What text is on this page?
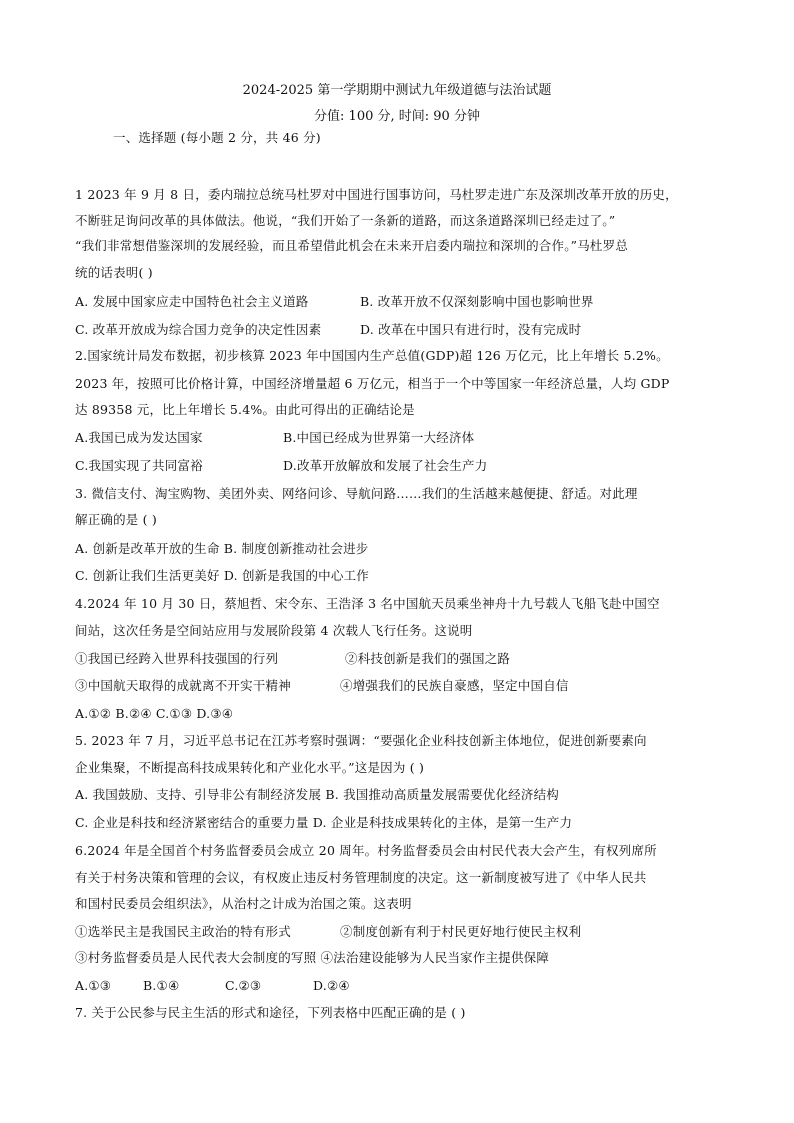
2024-2025 第一学期期中测试九年级道德与法治试题
分值: 100 分, 时间: 90 分钟
一、选择题 (每小题 2 分，共 46 分)
1 2023 年 9 月 8 日，委内瑞拉总统马杜罗对中国进行国事访问，马杜罗走进广东及深圳改革开放的历史，
不断驻足询问改革的具体做法。他说，“我们开始了一条新的道路，而这条道路深圳已经走过了。”
“我们非常想借鉴深圳的发展经验，而且希望借此机会在未来开启委内瑞拉和深圳的合作。”马杜罗总
统的话表明( )
A. 发展中国家应走中国特色社会主义道路	B. 改革开放不仅深刻影响中国也影响世界
C. 改革开放成为综合国力竞争的决定性因素	D. 改革在中国只有进行时，没有完成时
2.国家统计局发布数据，初步核算 2023 年中国国内生产总值(GDP)超 126 万亿元，比上年增长 5.2%。
2023 年，按照可比价格计算，中国经济增量超 6 万亿元，相当于一个中等国家一年经济总量，人均 GDP
达 89358 元，比上年增长 5.4%。由此可得出的正确结论是
A.我国已成为发达国家	B.中国已经成为世界第一大经济体
C.我国实现了共同富裕	D.改革开放解放和发展了社会生产力
3. 微信支付、淘宝购物、美团外卖、网络问诊、导航问路……我们的生活越来越便捷、舒适。对此理
解正确的是 ( )
A. 创新是改革开放的生命 B. 制度创新推动社会进步
C. 创新让我们生活更美好 D. 创新是我国的中心工作
4.2024 年 10 月 30 日，蔡旭哲、宋令东、王浩泽 3 名中国航天员乘坐神舟十九号载人飞船飞赴中国空
间站，这次任务是空间站应用与发展阶段第 4 次载人飞行任务。这说明
①我国已经跨入世界科技强国的行列	②科技创新是我们的强国之路
③中国航天取得的成就离不开实干精神	④增强我们的民族自豪感，坚定中国自信
A.①② B.②④ C.①③ D.③④
5. 2023 年 7 月，习近平总书记在江苏考察时强调：“要强化企业科技创新主体地位，促进创新要素向
企业集聚，不断提高科技成果转化和产业化水平。”这是因为 ( )
A. 我国鼓励、支持、引导非公有制经济发展 B. 我国推动高质量发展需要优化经济结构
C. 企业是科技和经济紧密结合的重要力量 D. 企业是科技成果转化的主体，是第一生产力
6.2024 年是全国首个村务监督委员会成立 20 周年。村务监督委员会由村民代表大会产生，有权列席所
有关于村务决策和管理的会议，有权废止违反村务管理制度的决定。这一新制度被写进了《中华人民共
和国村民委员会组织法》，从治村之计成为治国之策。这表明
①选举民主是我国民主政治的特有形式	②制度创新有利于村民更好地行使民主权利
③村务监督委员是人民代表大会制度的写照 ④法治建设能够为人民当家作主提供保障
A.①③	B.①④	C.②③	D.②④
7. 关于公民参与民主生活的形式和途径，下列表格中匹配正确的是 ( )
